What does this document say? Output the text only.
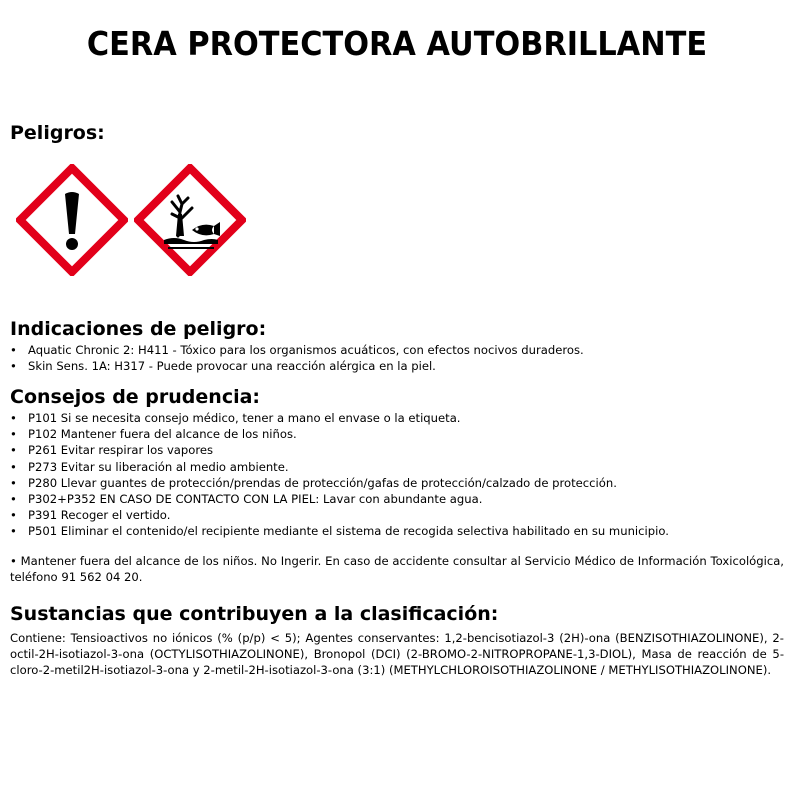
CERA PROTECTORA AUTOBRILLANTE
Peligros:
Indicaciones de peligro:
• Aquatic Chronic 2: H411 - Tóxico para los organismos acuáticos, con efectos nocivos duraderos.
• Skin Sens. 1A: H317 - Puede provocar una reacción alérgica en la piel.
Consejos de prudencia:
• P101 Si se necesita consejo médico, tener a mano el envase o la etiqueta.
• P102 Mantener fuera del alcance de los niños.
• P261 Evitar respirar los vapores
• P273 Evitar su liberación al medio ambiente.
• P280 Llevar guantes de protección/prendas de protección/gafas de protección/calzado de protección.
• P302+P352 EN CASO DE CONTACTO CON LA PIEL: Lavar con abundante agua.
• P391 Recoger el vertido.
• P501 Eliminar el contenido/el recipiente mediante el sistema de recogida selectiva habilitado en su municipio.

• Mantener fuera del alcance de los niños. No Ingerir. En caso de accidente consultar al Servicio Médico de Información Toxicológica, teléfono 91 562 04 20.

Sustancias que contribuyen a la clasificación:

Contiene: Tensioactivos no iónicos (% (p/p) < 5); Agentes conservantes: 1,2-bencisotiazol-3 (2H)-ona (BENZISOTHIAZOLINONE), 2-octil-2H-isotiazol-3-ona (OCTYLISOTHIAZOLINONE), Bronopol (DCI) (2-BROMO-2-NITROPROPANE-1,3-DIOL), Masa de reacción de 5-cloro-2-metil2H-isotiazol-3-ona y 2-metil-2H-isotiazol-3-ona (3:1) (METHYLCHLOROISOTHIAZOLINONE / METHYLISOTHIAZOLINONE).
